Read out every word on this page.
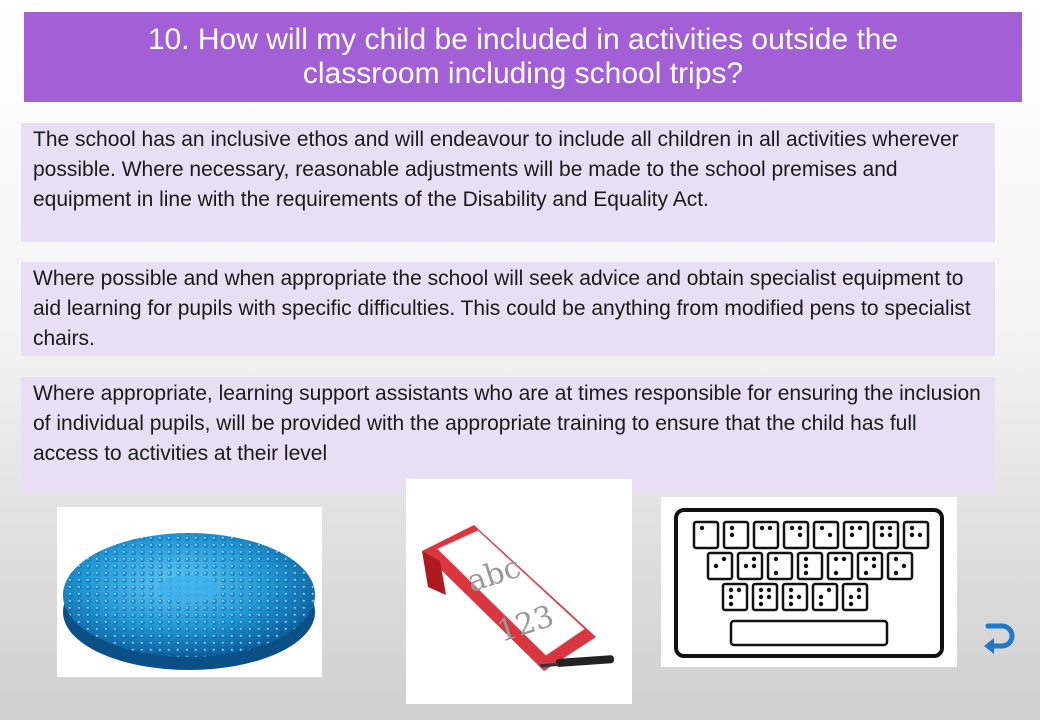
10. How will my child be included in activities outside the classroom including school trips?
The school has an inclusive ethos and will endeavour to include all children in all activities wherever possible. Where necessary, reasonable adjustments will be made to the school premises and equipment in line with the requirements of the Disability and Equality Act.
Where possible and when appropriate the school will seek advice and obtain specialist equipment to aid learning for pupils with specific difficulties. This could be anything from modified pens to specialist chairs.
Where appropriate, learning support assistants who are at times responsible for ensuring the inclusion of individual pupils, will be provided with the appropriate training to ensure that the child has full access to activities at their level
abc
123
